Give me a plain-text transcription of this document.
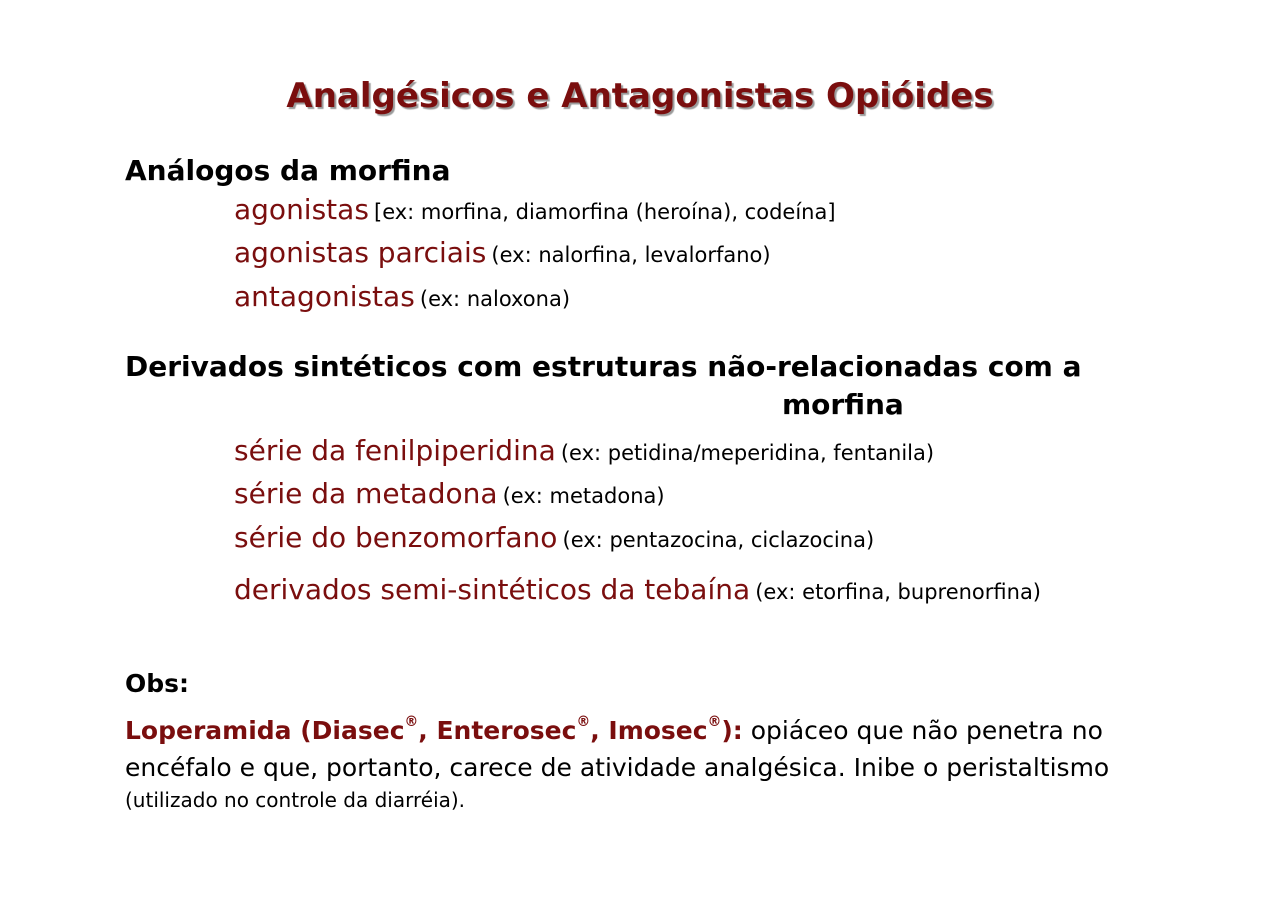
Analgésicos e Antagonistas Opióides
Análogos da morfina
agonistas [ex: morfina, diamorfina (heroína), codeína]
agonistas parciais (ex: nalorfina, levalorfano)
antagonistas (ex: naloxona)
Derivados sintéticos com estruturas não-relacionadas com a
morfina
série da fenilpiperidina (ex: petidina/meperidina, fentanila)
série da metadona (ex: metadona)
série do benzomorfano (ex: pentazocina, ciclazocina)
derivados semi-sintéticos da tebaína (ex: etorfina, buprenorfina)
Obs:
Loperamida (Diasec®, Enterosec®, Imosec®): opiáceo que não penetra no
encéfalo e que, portanto, carece de atividade analgésica. Inibe o peristaltismo
(utilizado no controle da diarréia).
